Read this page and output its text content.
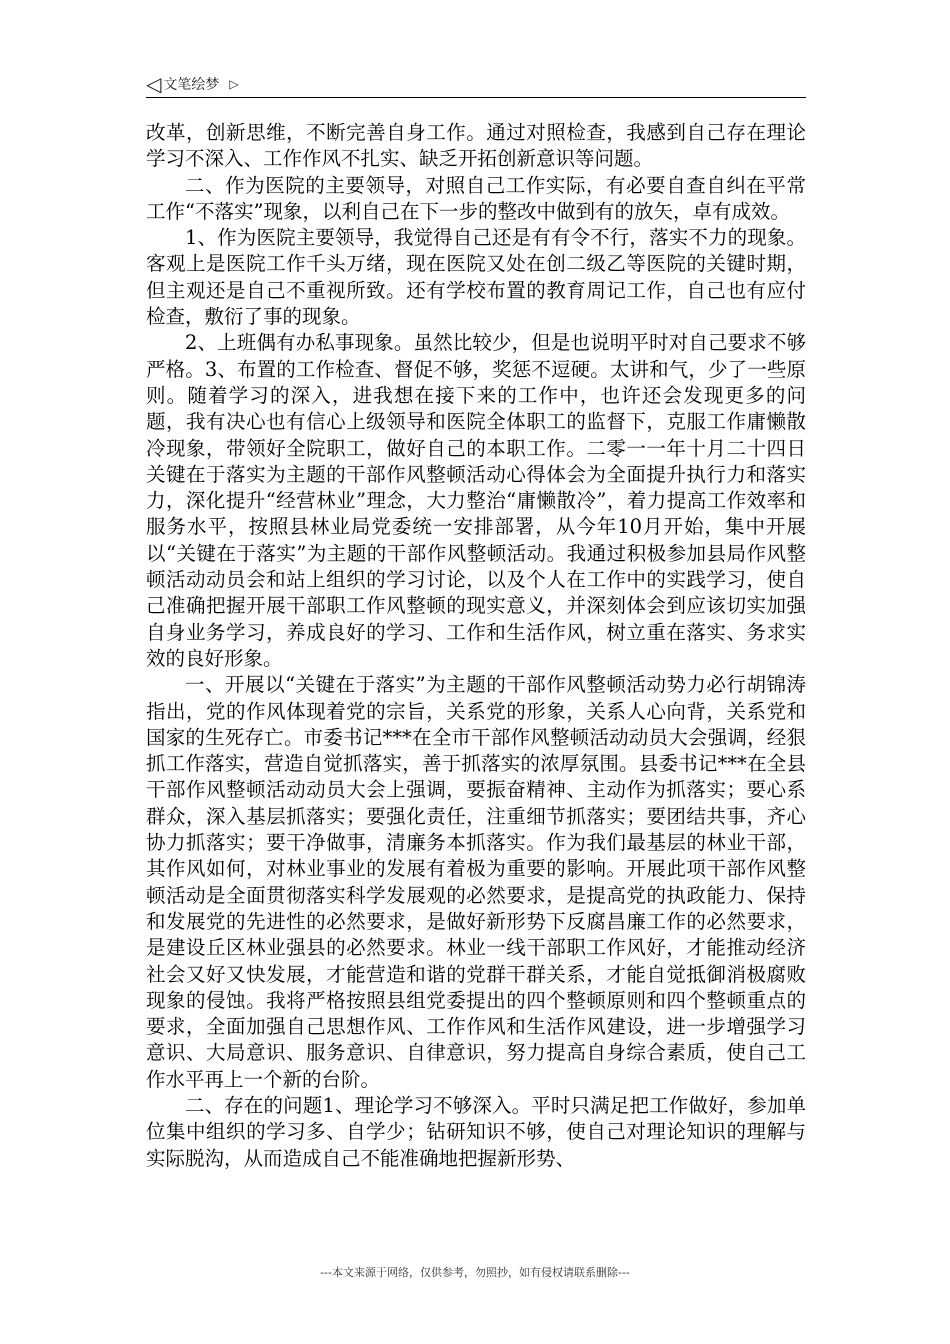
◁ 文笔绘梦 ▷

改革，创新思维，不断完善自身工作。通过对照检查，我感到自己存在理论学习不深入、工作作风不扎实、缺乏开拓创新意识等问题。

二、作为医院的主要领导，对照自己工作实际，有必要自查自纠在平常工作“不落实”现象，以利自己在下一步的整改中做到有的放矢，卓有成效。

1、作为医院主要领导，我觉得自己还是有有令不行，落实不力的现象。客观上是医院工作千头万绪，现在医院又处在创二级乙等医院的关键时期，但主观还是自己不重视所致。还有学校布置的教育周记工作，自己也有应付检查，敷衍了事的现象。

2、上班偶有办私事现象。虽然比较少，但是也说明平时对自己要求不够严格。3、布置的工作检查、督促不够，奖惩不逗硬。太讲和气，少了一些原则。随着学习的深入，进我想在接下来的工作中，也许还会发现更多的问题，我有决心也有信心上级领导和医院全体职工的监督下，克服工作庸懒散冷现象，带领好全院职工，做好自己的本职工作。二零一一年十月二十四日关键在于落实为主题的干部作风整顿活动心得体会为全面提升执行力和落实力，深化提升“经营林业”理念，大力整治“庸懒散冷”，着力提高工作效率和服务水平，按照县林业局党委统一安排部署，从今年10月开始，集中开展以“关键在于落实”为主题的干部作风整顿活动。我通过积极参加县局作风整顿活动动员会和站上组织的学习讨论，以及个人在工作中的实践学习，使自己准确把握开展干部职工作风整顿的现实意义，并深刻体会到应该切实加强自身业务学习，养成良好的学习、工作和生活作风，树立重在落实、务求实效的良好形象。

一、开展以“关键在于落实”为主题的干部作风整顿活动势力必行胡锦涛指出，党的作风体现着党的宗旨，关系党的形象，关系人心向背，关系党和国家的生死存亡。市委书记***在全市干部作风整顿活动动员大会强调，经狠抓工作落实，营造自觉抓落实，善于抓落实的浓厚氛围。县委书记***在全县干部作风整顿活动动员大会上强调，要振奋精神、主动作为抓落实；要心系群众，深入基层抓落实；要强化责任，注重细节抓落实；要团结共事，齐心协力抓落实；要干净做事，清廉务本抓落实。作为我们最基层的林业干部，其作风如何，对林业事业的发展有着极为重要的影响。开展此项干部作风整顿活动是全面贯彻落实科学发展观的必然要求，是提高党的执政能力、保持和发展党的先进性的必然要求，是做好新形势下反腐昌廉工作的必然要求，是建设丘区林业强县的必然要求。林业一线干部职工作风好，才能推动经济社会又好又快发展，才能营造和谐的党群干群关系，才能自觉抵御消极腐败现象的侵蚀。我将严格按照县组党委提出的四个整顿原则和四个整顿重点的要求，全面加强自己思想作风、工作作风和生活作风建设，进一步增强学习意识、大局意识、服务意识、自律意识，努力提高自身综合素质，使自己工作水平再上一个新的台阶。

二、存在的问题1、理论学习不够深入。平时只满足把工作做好，参加单位集中组织的学习多、自学少；钻研知识不够，使自己对理论知识的理解与实际脱沟，从而造成自己不能准确地把握新形势、

---本文来源于网络，仅供参考，勿照抄，如有侵权请联系删除---
